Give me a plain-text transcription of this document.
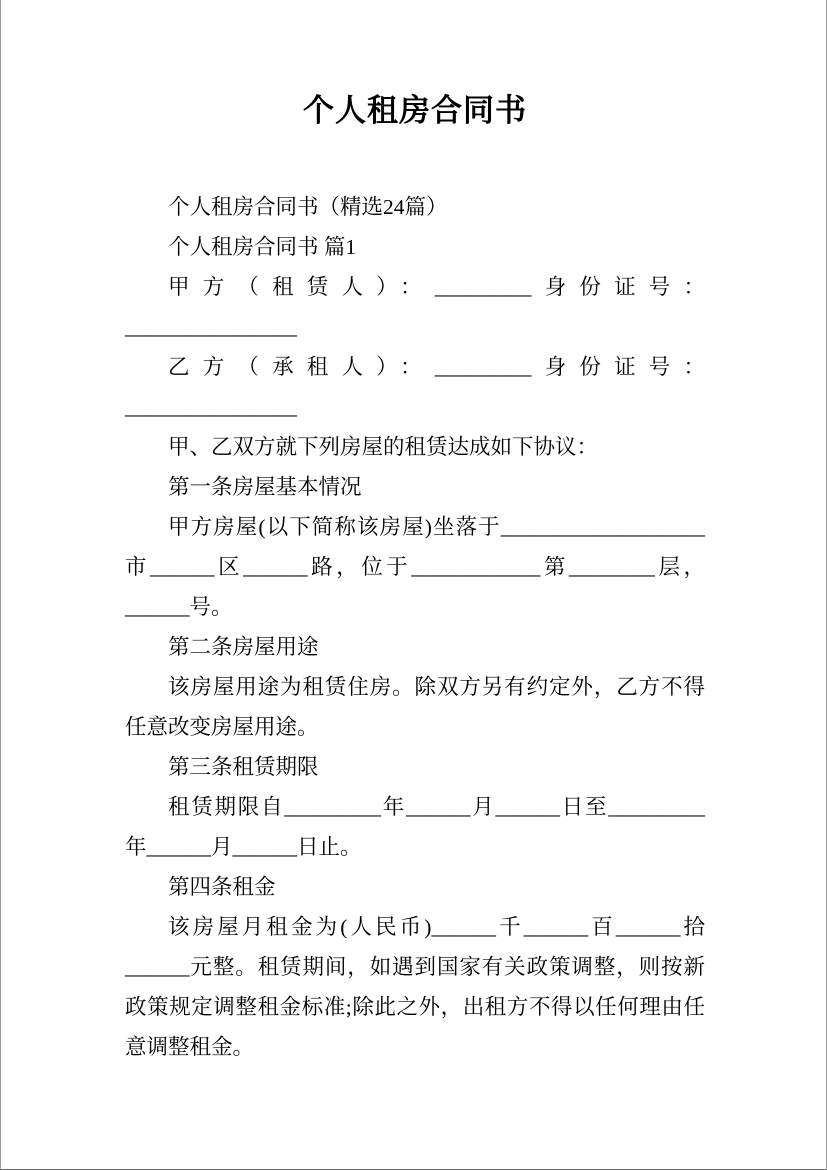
个人租房合同书

个人租房合同书（精选24篇）

个人租房合同书 篇1

甲方（租赁人）：_________身份证号：________________

乙方（承租人）：_________身份证号：________________

甲、乙双方就下列房屋的租赁达成如下协议：

第一条房屋基本情况

甲方房屋(以下简称该房屋)坐落于___________________市______区______路，位于____________第________层，______号。

第二条房屋用途

该房屋用途为租赁住房。除双方另有约定外，乙方不得任意改变房屋用途。

第三条租赁期限

租赁期限自_________年______月______日至_________年______月______日止。

第四条租金

该房屋月租金为(人民币)______千______百______拾______元整。租赁期间，如遇到国家有关政策调整，则按新政策规定调整租金标准;除此之外，出租方不得以任何理由任意调整租金。
